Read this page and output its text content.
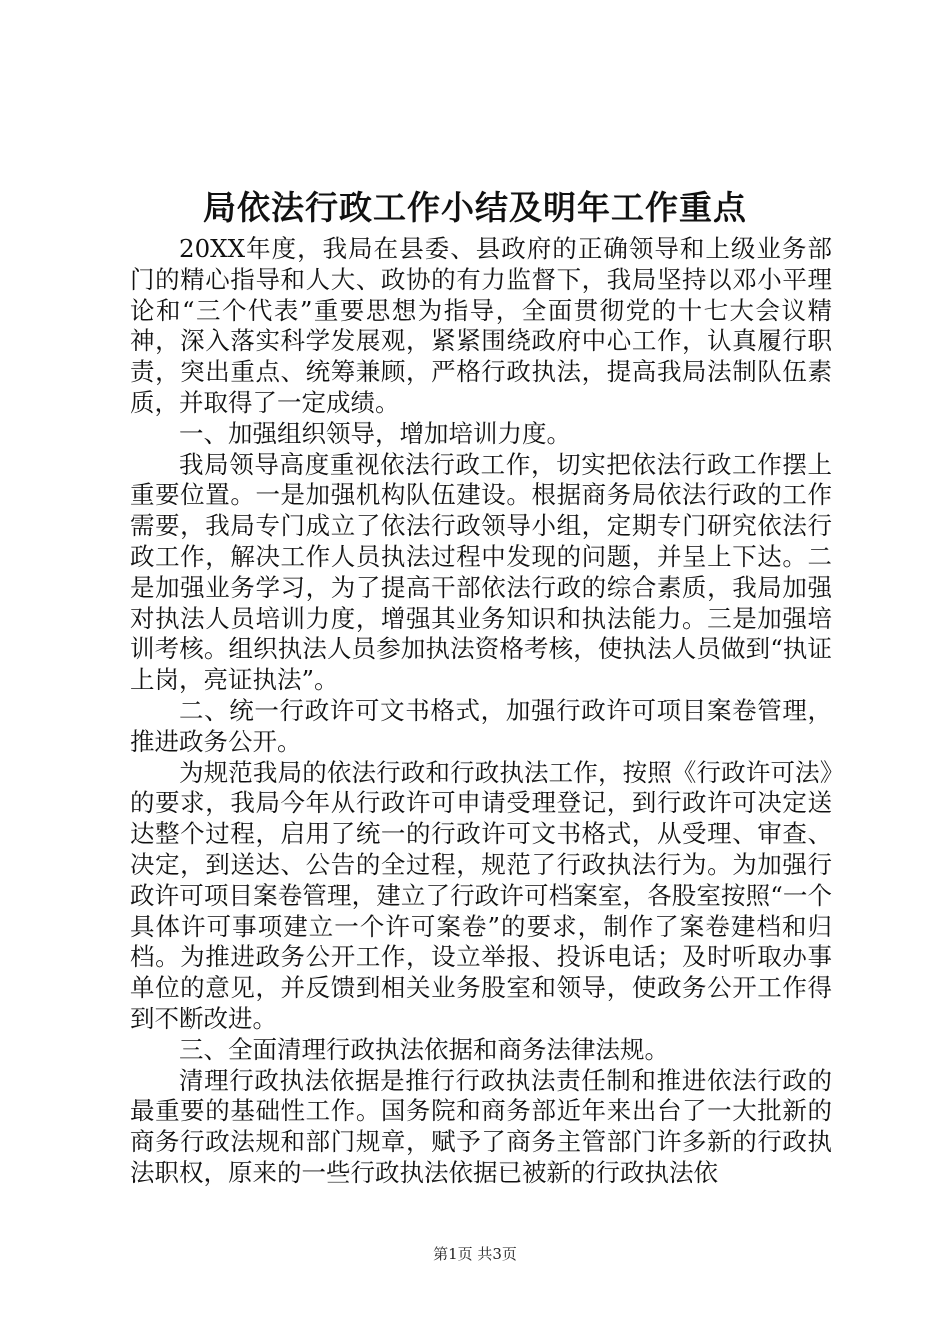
局依法行政工作小结及明年工作重点

20XX年度，我局在县委、县政府的正确领导和上级业务部门的精心指导和人大、政协的有力监督下，我局坚持以邓小平理论和“三个代表”重要思想为指导，全面贯彻党的十七大会议精神，深入落实科学发展观，紧紧围绕政府中心工作，认真履行职责，突出重点、统筹兼顾，严格行政执法，提高我局法制队伍素质，并取得了一定成绩。

一、加强组织领导，增加培训力度。

我局领导高度重视依法行政工作，切实把依法行政工作摆上重要位置。一是加强机构队伍建设。根据商务局依法行政的工作需要，我局专门成立了依法行政领导小组，定期专门研究依法行政工作，解决工作人员执法过程中发现的问题，并呈上下达。二是加强业务学习，为了提高干部依法行政的综合素质，我局加强对执法人员培训力度，增强其业务知识和执法能力。三是加强培训考核。组织执法人员参加执法资格考核，使执法人员做到“执证上岗，亮证执法”。

二、统一行政许可文书格式，加强行政许可项目案卷管理，推进政务公开。

为规范我局的依法行政和行政执法工作，按照《行政许可法》的要求，我局今年从行政许可申请受理登记，到行政许可决定送达整个过程，启用了统一的行政许可文书格式，从受理、审查、决定，到送达、公告的全过程，规范了行政执法行为。为加强行政许可项目案卷管理，建立了行政许可档案室，各股室按照“一个具体许可事项建立一个许可案卷”的要求，制作了案卷建档和归档。为推进政务公开工作，设立举报、投诉电话；及时听取办事单位的意见，并反馈到相关业务股室和领导，使政务公开工作得到不断改进。

三、全面清理行政执法依据和商务法律法规。

清理行政执法依据是推行行政执法责任制和推进依法行政的最重要的基础性工作。国务院和商务部近年来出台了一大批新的商务行政法规和部门规章，赋予了商务主管部门许多新的行政执法职权，原来的一些行政执法依据已被新的行政执法依

第1页 共3页
